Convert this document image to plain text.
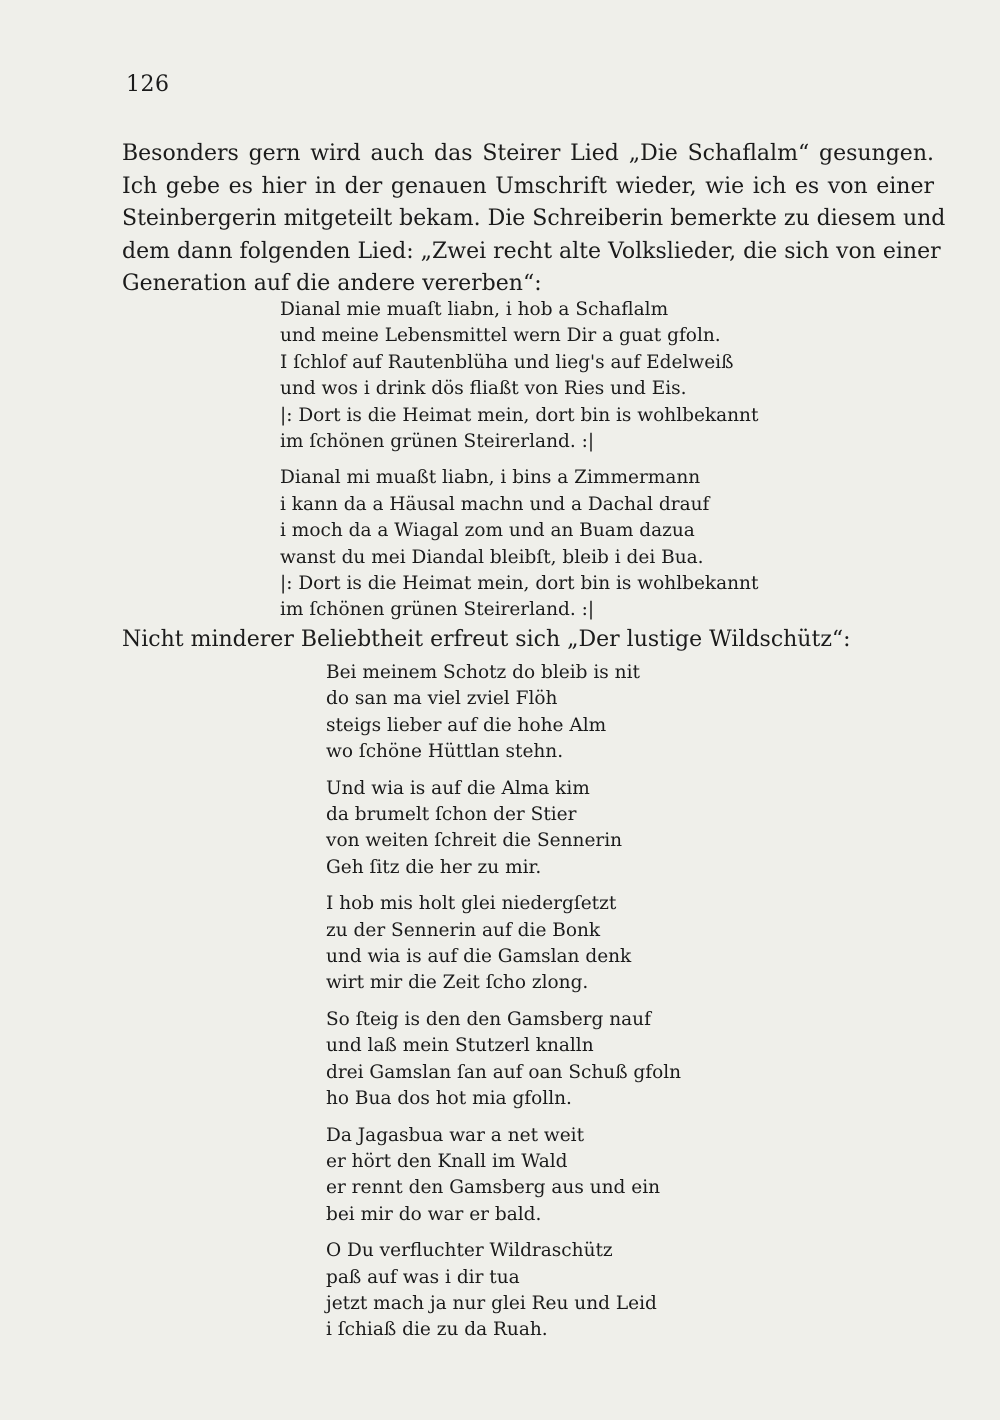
126
Besonders gern wird auch das Steirer Lied „Die Schaflalm“ gesungen.
Ich gebe es hier in der genauen Umschrift wieder, wie ich es von einer
Steinbergerin mitgeteilt bekam. Die Schreiberin bemerkte zu diesem und
dem dann folgenden Lied: „Zwei recht alte Volkslieder, die sich von einer
Generation auf die andere vererben“:
Dianal mie muaſt liabn, i hob a Schaflalm
und meine Lebensmittel wern Dir a guat gfoln.
I ſchlof auf Rautenblüha und lieg's auf Edelweiß
und wos i drink dös fliaßt von Ries und Eis.
|: Dort is die Heimat mein, dort bin is wohlbekannt
im ſchönen grünen Steirerland. :|
Dianal mi muaßt liabn, i bins a Zimmermann
i kann da a Häusal machn und a Dachal drauf
i moch da a Wiagal zom und an Buam dazua
wanst du mei Diandal bleibſt, bleib i dei Bua.
|: Dort is die Heimat mein, dort bin is wohlbekannt
im ſchönen grünen Steirerland. :|
Nicht minderer Beliebtheit erfreut sich „Der lustige Wildschütz“:
Bei meinem Schotz do bleib is nit
do san ma viel zviel Flöh
steigs lieber auf die hohe Alm
wo ſchöne Hüttlan stehn.
Und wia is auf die Alma kim
da brumelt ſchon der Stier
von weiten ſchreit die Sennerin
Geh ſitz die her zu mir.
I hob mis holt glei niedergſetzt
zu der Sennerin auf die Bonk
und wia is auf die Gamslan denk
wirt mir die Zeit ſcho zlong.
So ſteig is den den Gamsberg nauf
und laß mein Stutzerl knalln
drei Gamslan ſan auf oan Schuß gfoln
ho Bua dos hot mia gfolln.
Da Jagasbua war a net weit
er hört den Knall im Wald
er rennt den Gamsberg aus und ein
bei mir do war er bald.
O Du verfluchter Wildraschütz
paß auf was i dir tua
jetzt mach ja nur glei Reu und Leid
i ſchiaß die zu da Ruah.
